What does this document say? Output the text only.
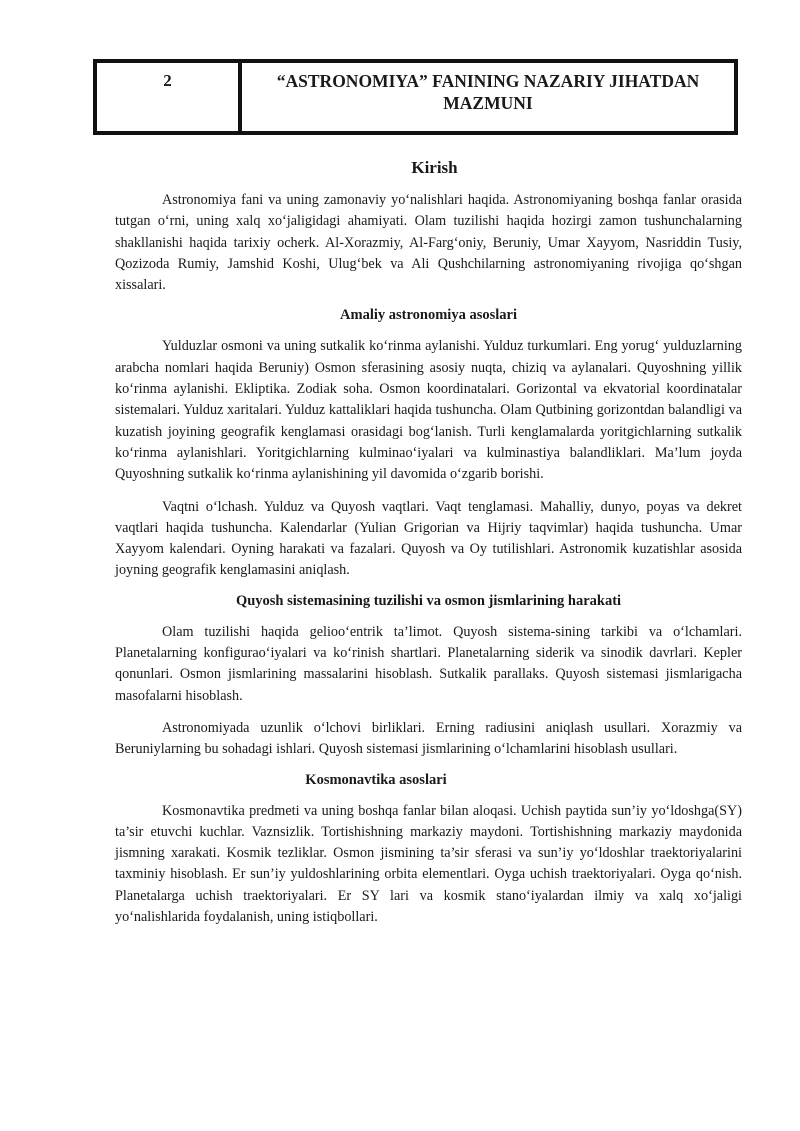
2	“ASTRONOMIYA” FANINING NAZARIY JIHATDAN MAZMUNI
Kirish

Astronomiya fani va uning zamonaviy yo‘nalishlari haqida. Astronomiyaning boshqa fanlar orasida tutgan o‘rni, uning xalq xo‘jaligidagi ahamiyati. Olam tuzilishi haqida hozirgi zamon tushunchalarning shakllanishi haqida tarixiy ocherk. Al-Xorazmiy, Al-Farg‘oniy, Beruniy, Umar Xayyom, Nasriddin Tusiy, Qozizoda Rumiy, Jamshid Koshi, Ulug‘bek va Ali Qushchilarning astronomiyaning rivojiga qo‘shgan xissalari.

Amaliy astronomiya asoslari

Yulduzlar osmoni va uning sutkalik ko‘rinma aylanishi. Yulduz turkumlari. Eng yorug‘ yulduzlarning arabcha nomlari haqida Beruniy) Osmon sferasining asosiy nuqta, chiziq va aylanalari. Quyoshning yillik ko‘rinma aylanishi. Ekliptika. Zodiak soha. Osmon koordinatalari. Gorizontal va ekvatorial koordinatalar sistemalari. Yulduz xaritalari. Yulduz kattaliklari haqida tushuncha. Olam Qutbining gorizontdan balandligi va kuzatish joyining geografik kenglamasi orasidagi bog‘lanish. Turli kenglamalarda yoritgichlarning sutkalik ko‘rinma aylanishlari. Yoritgichlarning kulminao‘iyalari va kulminastiya balandliklari. Ma’lum joyda Quyoshning sutkalik ko‘rinma aylanishining yil davomida o‘zgarib borishi.

Vaqtni o‘lchash. Yulduz va Quyosh vaqtlari. Vaqt tenglamasi. Mahalliy, dunyo, poyas va dekret vaqtlari haqida tushuncha. Kalendarlar (Yulian Grigorian va Hijriy taqvimlar) haqida tushuncha. Umar Xayyom kalendari. Oyning harakati va fazalari. Quyosh va Oy tutilishlari. Astronomik kuzatishlar asosida joyning geografik kenglamasini aniqlash.

Quyosh sistemasining tuzilishi va osmon jismlarining harakati

Olam tuzilishi haqida gelioo‘entrik ta’limot. Quyosh sistema-sining tarkibi va o‘lchamlari. Planetalarning konfigurao‘iyalari va ko‘rinish shartlari. Planetalarning siderik va sinodik davrlari. Kepler qonunlari. Osmon jismlarining massalarini hisoblash. Sutkalik parallaks. Quyosh sistemasi jismlarigacha masofalarni hisoblash.

Astronomiyada uzunlik o‘lchovi birliklari. Erning radiusini aniqlash usullari. Xorazmiy va Beruniylarning bu sohadagi ishlari. Quyosh sistemasi jismlarining o‘lchamlarini hisoblash usullari.

Kosmonavtika asoslari

Kosmonavtika predmeti va uning boshqa fanlar bilan aloqasi. Uchish paytida sun’iy yo‘ldoshga(SY) ta’sir etuvchi kuchlar. Vaznsizlik. Tortishishning markaziy maydoni. Tortishishning markaziy maydonida jismning xarakati. Kosmik tezliklar. Osmon jismining ta’sir sferasi va sun’iy yo‘ldoshlar traektoriyalarini taxminiy hisoblash. Er sun’iy yuldoshlarining orbita elementlari. Oyga uchish traektoriyalari. Oyga qo‘nish. Planetalarga uchish traektoriyalari. Er SY lari va kosmik stano‘iyalardan ilmiy va xalq xo‘jaligi yo‘nalishlarida foydalanish, uning istiqbollari.
